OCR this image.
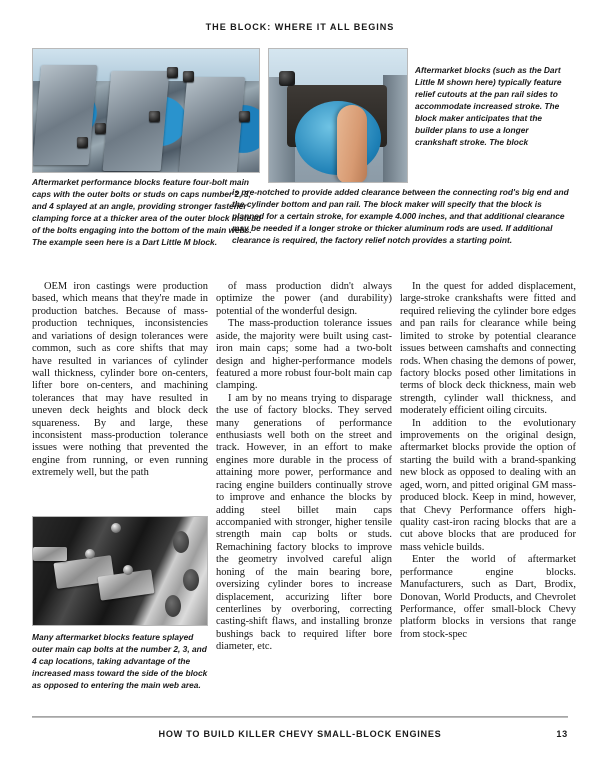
THE BLOCK: WHERE IT ALL BEGINS
Aftermarket performance blocks feature four-bolt main caps with the outer bolts or studs on caps number 2, 3, and 4 splayed at an angle, providing stronger fastener clamping force at a thicker area of the outer block instead of the bolts engaging into the bottom of the main webs. The example seen here is a Dart Little M block.
Aftermarket blocks (such as the Dart Little M shown here) typically feature relief cutouts at the pan rail sides to accommodate increased stroke. The block maker anticipates that the builder plans to use a longer crankshaft stroke. The block
is pre-notched to provide added clearance between the connecting rod's big end and the cylinder bottom and pan rail. The block maker will specify that the block is planned for a certain stroke, for example 4.000 inches, and that additional clearance may be needed if a longer stroke or thicker aluminum rods are used. If additional clearance is required, the factory relief notch provides a starting point.
Many aftermarket blocks feature splayed outer main cap bolts at the number 2, 3, and 4 cap locations, taking advantage of the increased mass toward the side of the block as opposed to entering the main web area.

OEM iron castings were production based, which means that they're made in production batches. Because of mass-production techniques, inconsistencies and variations of design tolerances were common, such as core shifts that may have resulted in variances of cylinder wall thickness, cylinder bore on-centers, lifter bore on-centers, and machining tolerances that may have resulted in uneven deck heights and block deck squareness. By and large, these inconsistent mass-production tolerance issues were nothing that prevented the engine from running, or even running extremely well, but the path

of mass production didn't always optimize the power (and durability) potential of the wonderful design.

The mass-production tolerance issues aside, the majority were built using cast-iron main caps; some had a two-bolt design and higher-performance models featured a more robust four-bolt main cap clamping.

I am by no means trying to disparage the use of factory blocks. They served many generations of performance enthusiasts well both on the street and track. However, in an effort to make engines more durable in the process of attaining more power, performance and racing engine builders continually strove to improve and enhance the blocks by adding steel billet main caps accompanied with stronger, higher tensile strength main cap bolts or studs. Remachining factory blocks to improve the geometry involved careful align honing of the main bearing bore, oversizing cylinder bores to increase displacement, accurizing lifter bore centerlines by overboring, correcting casting-shift flaws, and installing bronze bushings back to required lifter bore diameter, etc.

In the quest for added displacement, large-stroke crankshafts were fitted and required relieving the cylinder bore edges and pan rails for clearance while being limited to stroke by potential clearance issues between camshafts and connecting rods. When chasing the demons of power, factory blocks posed other limitations in terms of block deck thickness, main web strength, cylinder wall thickness, and moderately efficient oiling circuits.

In addition to the evolutionary improvements on the original design, aftermarket blocks provide the option of starting the build with a brand-spanking new block as opposed to dealing with an aged, worn, and pitted original GM mass-produced block. Keep in mind, however, that Chevy Performance offers high-quality cast-iron racing blocks that are a cut above blocks that are produced for mass vehicle builds.

Enter the world of aftermarket performance engine blocks. Manufacturers, such as Dart, Brodix, Donovan, World Products, and Chevrolet Performance, offer small-block Chevy platform blocks in versions that range from stock-spec

HOW TO BUILD KILLER CHEVY SMALL-BLOCK ENGINES	13
